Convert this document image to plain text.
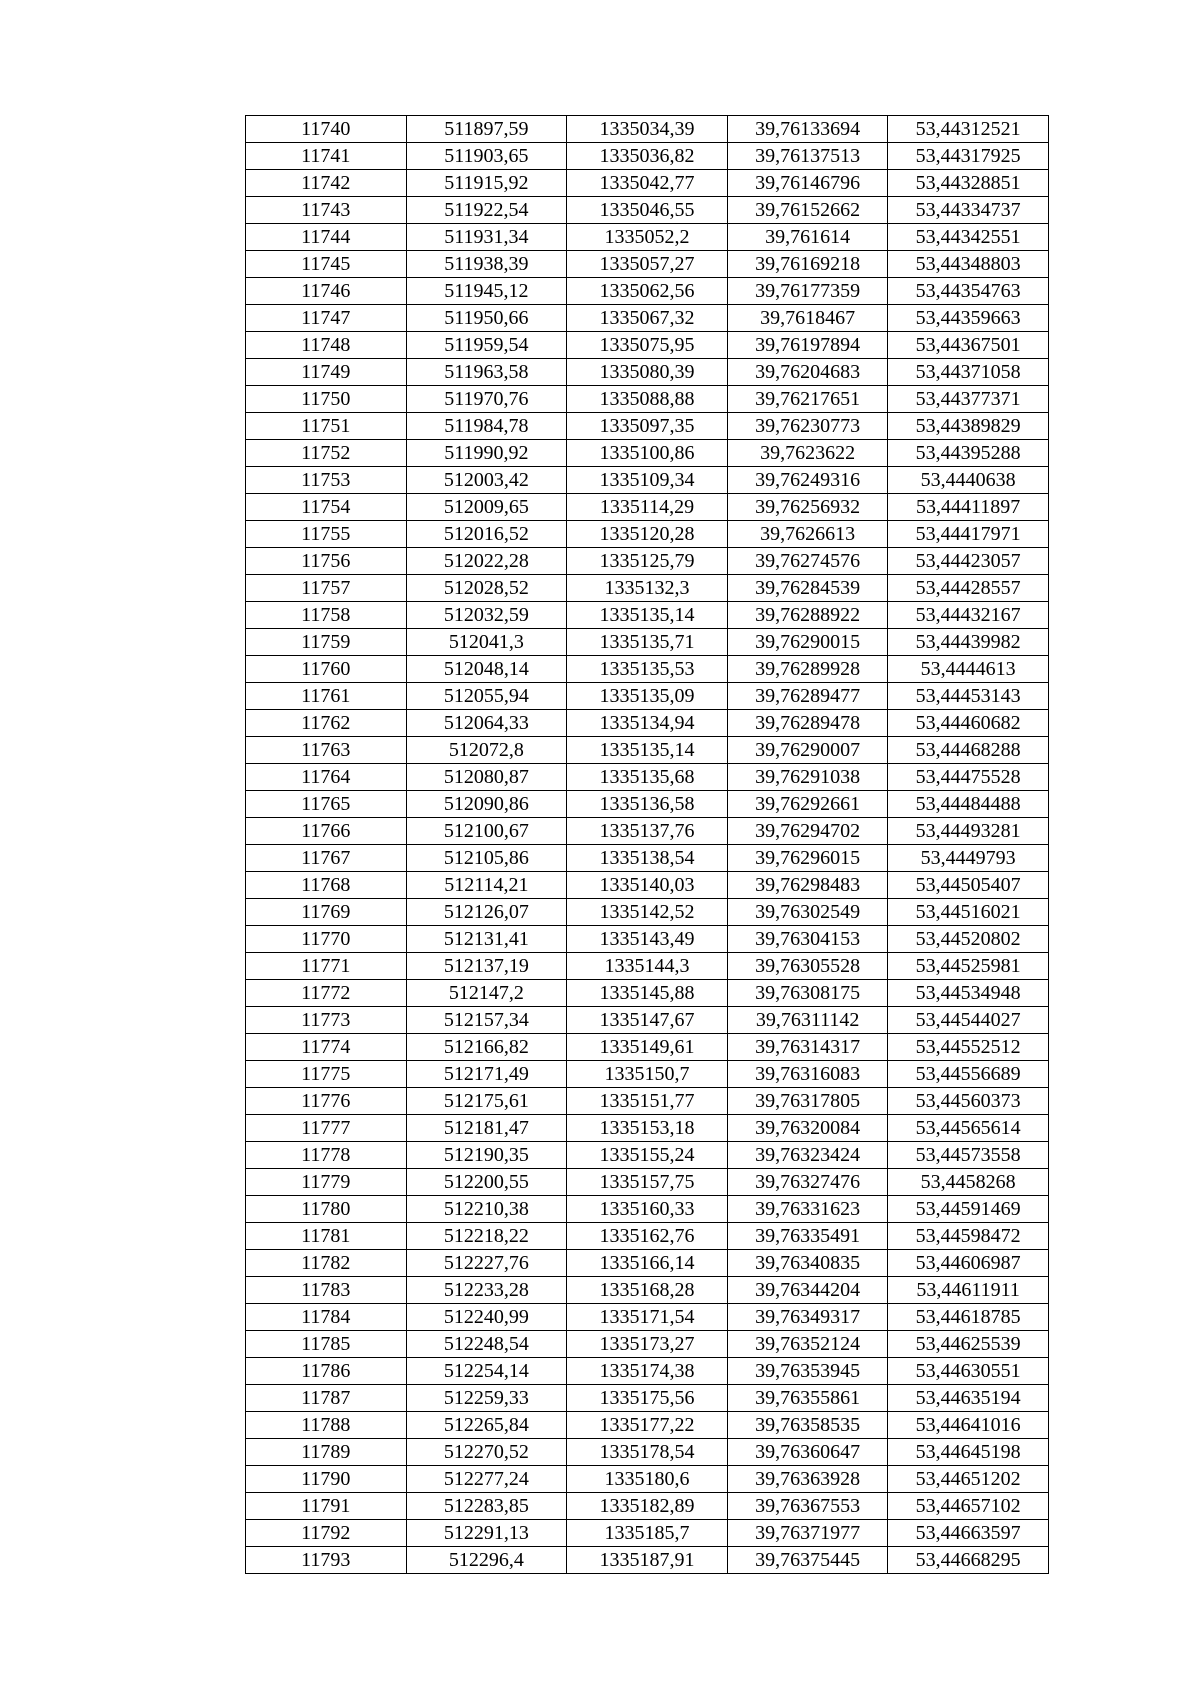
11740	511897,59	1335034,39	39,76133694	53,44312521
11741	511903,65	1335036,82	39,76137513	53,44317925
11742	511915,92	1335042,77	39,76146796	53,44328851
11743	511922,54	1335046,55	39,76152662	53,44334737
11744	511931,34	1335052,2	39,761614	53,44342551
11745	511938,39	1335057,27	39,76169218	53,44348803
11746	511945,12	1335062,56	39,76177359	53,44354763
11747	511950,66	1335067,32	39,7618467	53,44359663
11748	511959,54	1335075,95	39,76197894	53,44367501
11749	511963,58	1335080,39	39,76204683	53,44371058
11750	511970,76	1335088,88	39,76217651	53,44377371
11751	511984,78	1335097,35	39,76230773	53,44389829
11752	511990,92	1335100,86	39,7623622	53,44395288
11753	512003,42	1335109,34	39,76249316	53,4440638
11754	512009,65	1335114,29	39,76256932	53,44411897
11755	512016,52	1335120,28	39,7626613	53,44417971
11756	512022,28	1335125,79	39,76274576	53,44423057
11757	512028,52	1335132,3	39,76284539	53,44428557
11758	512032,59	1335135,14	39,76288922	53,44432167
11759	512041,3	1335135,71	39,76290015	53,44439982
11760	512048,14	1335135,53	39,76289928	53,4444613
11761	512055,94	1335135,09	39,76289477	53,44453143
11762	512064,33	1335134,94	39,76289478	53,44460682
11763	512072,8	1335135,14	39,76290007	53,44468288
11764	512080,87	1335135,68	39,76291038	53,44475528
11765	512090,86	1335136,58	39,76292661	53,44484488
11766	512100,67	1335137,76	39,76294702	53,44493281
11767	512105,86	1335138,54	39,76296015	53,4449793
11768	512114,21	1335140,03	39,76298483	53,44505407
11769	512126,07	1335142,52	39,76302549	53,44516021
11770	512131,41	1335143,49	39,76304153	53,44520802
11771	512137,19	1335144,3	39,76305528	53,44525981
11772	512147,2	1335145,88	39,76308175	53,44534948
11773	512157,34	1335147,67	39,76311142	53,44544027
11774	512166,82	1335149,61	39,76314317	53,44552512
11775	512171,49	1335150,7	39,76316083	53,44556689
11776	512175,61	1335151,77	39,76317805	53,44560373
11777	512181,47	1335153,18	39,76320084	53,44565614
11778	512190,35	1335155,24	39,76323424	53,44573558
11779	512200,55	1335157,75	39,76327476	53,4458268
11780	512210,38	1335160,33	39,76331623	53,44591469
11781	512218,22	1335162,76	39,76335491	53,44598472
11782	512227,76	1335166,14	39,76340835	53,44606987
11783	512233,28	1335168,28	39,76344204	53,44611911
11784	512240,99	1335171,54	39,76349317	53,44618785
11785	512248,54	1335173,27	39,76352124	53,44625539
11786	512254,14	1335174,38	39,76353945	53,44630551
11787	512259,33	1335175,56	39,76355861	53,44635194
11788	512265,84	1335177,22	39,76358535	53,44641016
11789	512270,52	1335178,54	39,76360647	53,44645198
11790	512277,24	1335180,6	39,76363928	53,44651202
11791	512283,85	1335182,89	39,76367553	53,44657102
11792	512291,13	1335185,7	39,76371977	53,44663597
11793	512296,4	1335187,91	39,76375445	53,44668295
